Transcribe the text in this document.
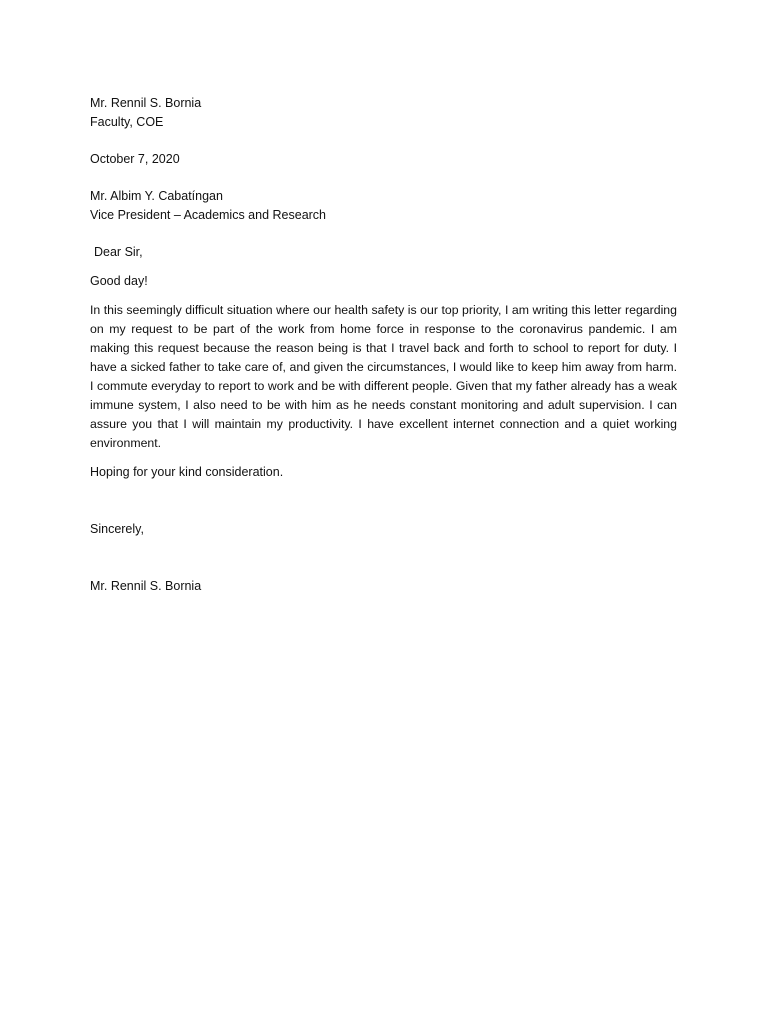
Mr. Rennil S. Bornia
Faculty, COE
October 7, 2020
Mr. Albim Y. Cabatíngan
Vice President – Academics and Research
Dear Sir,
Good day!

In this seemingly difficult situation where our health safety is our top priority, I am writing this letter regarding on my request to be part of the work from home force in response to the coronavirus pandemic. I am making this request because the reason being is that I travel back and forth to school to report for duty. I have a sicked father to take care of, and given the circumstances, I would like to keep him away from harm. I commute everyday to report to work and be with different people. Given that my father already has a weak immune system, I also need to be with him as he needs constant monitoring and adult supervision. I can assure you that I will maintain my productivity. I have excellent internet connection and a quiet working environment.

Hoping for your kind consideration.
Sincerely,
Mr. Rennil S. Bornia
